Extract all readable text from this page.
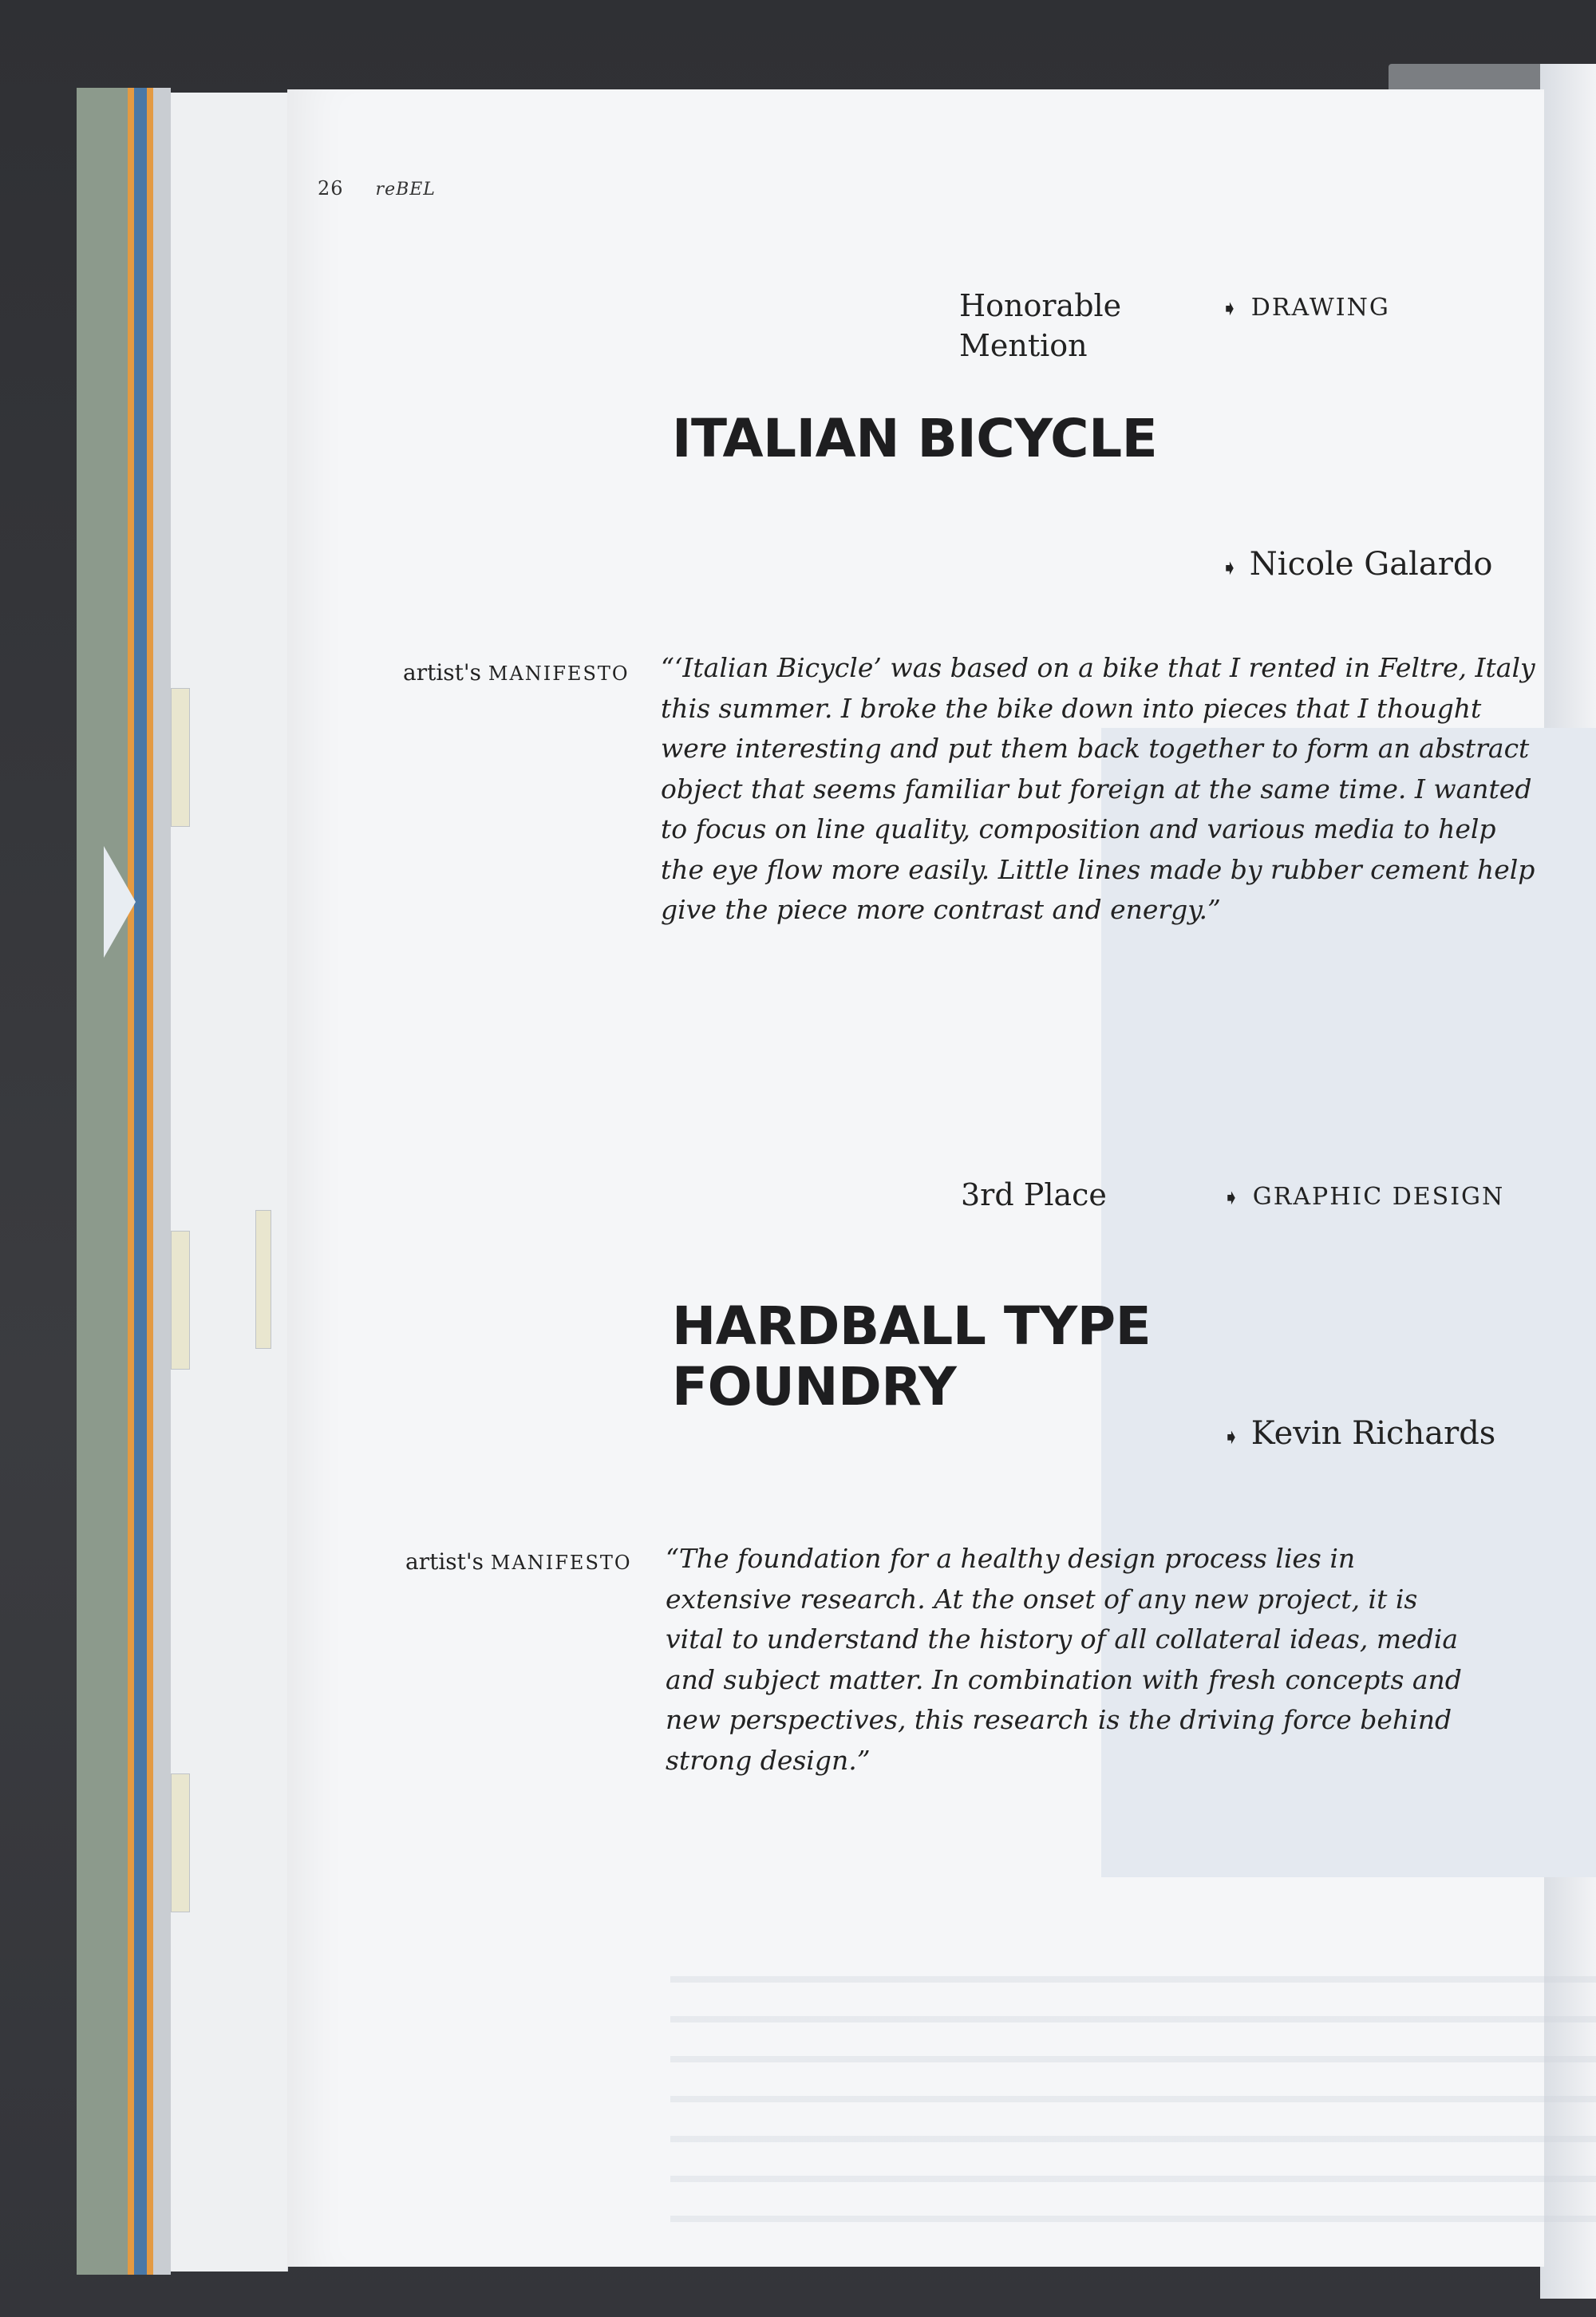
26 reBEL
Honorable Mention
➧ DRAWING
ITALIAN BICYCLE
➧ Nicole Galardo
artist's MANIFESTO “‘Italian Bicycle’ was based on a bike that I rented in Feltre, Italy this summer. I broke the bike down into pieces that I thought were interesting and put them back together to form an abstract object that seems familiar but foreign at the same time. I wanted to focus on line quality, composition and various media to help the eye flow more easily. Little lines made by rubber cement help give the piece more contrast and energy.”
3rd Place	➧ GRAPHIC DESIGN
HARDBALL TYPE FOUNDRY
➧ Kevin Richards
artist's MANIFESTO “The foundation for a healthy design process lies in extensive research. At the onset of any new project, it is vital to understand the history of all collateral ideas, media and subject matter. In combination with fresh concepts and new perspectives, this research is the driving force behind strong design.”
